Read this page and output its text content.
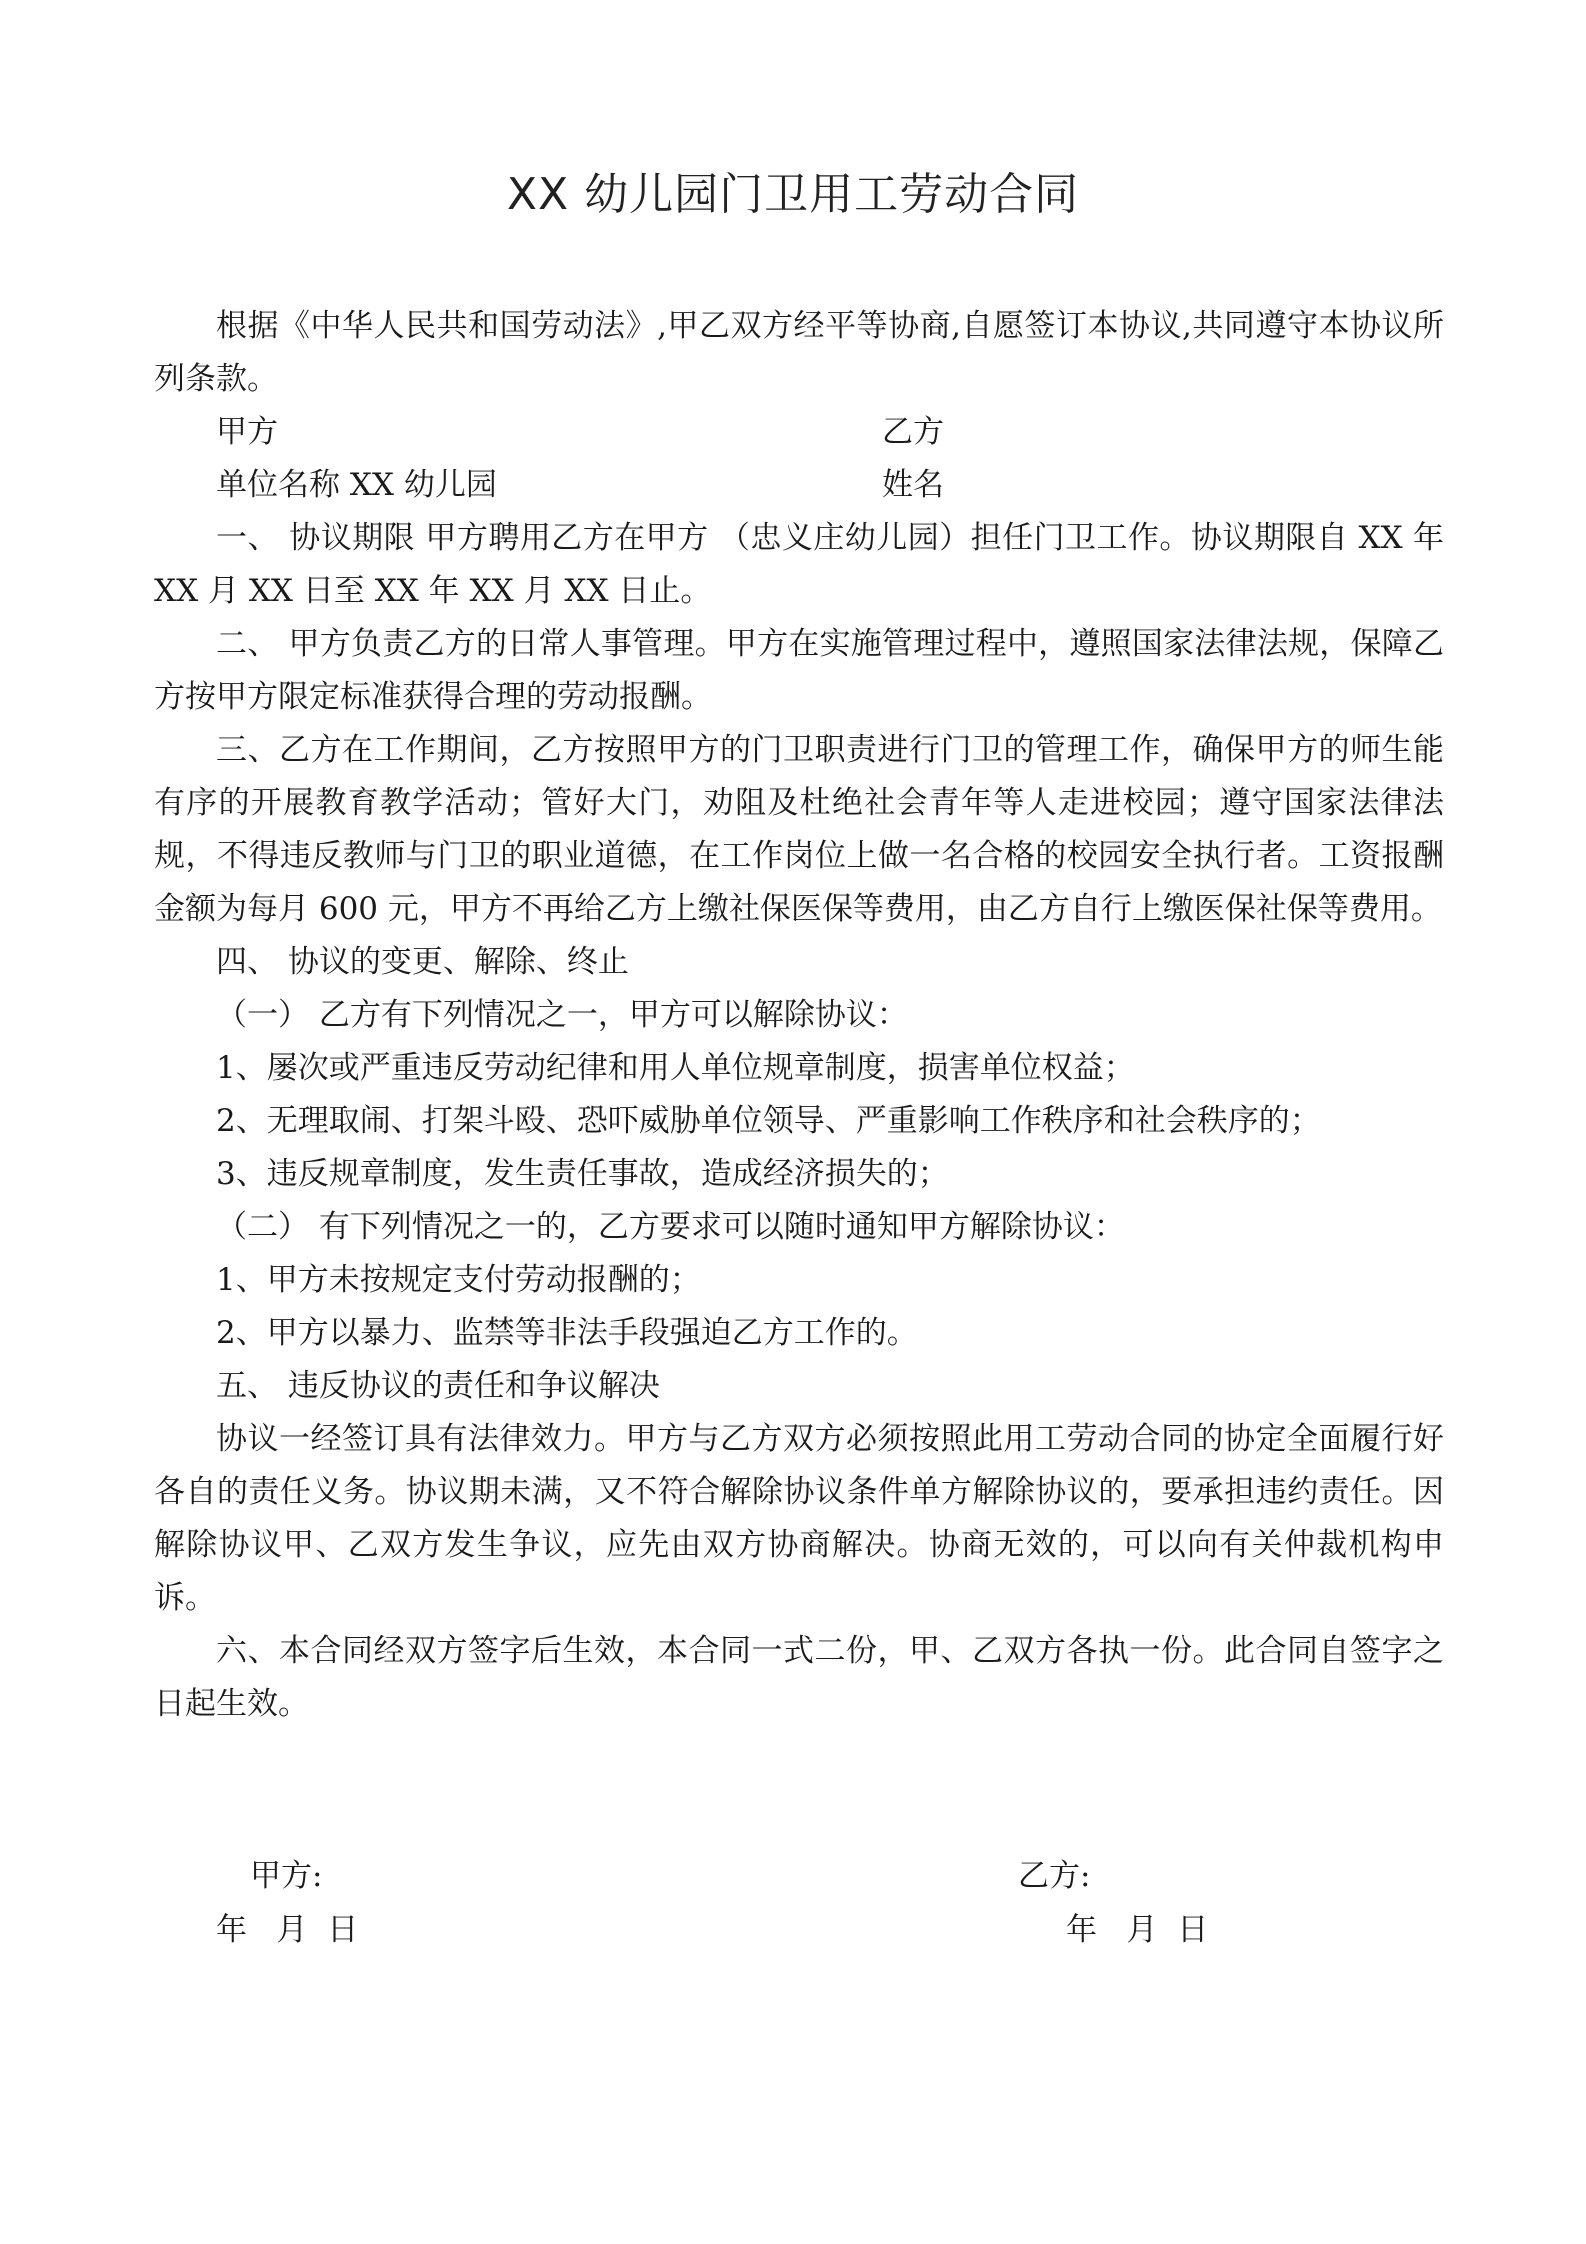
XX 幼儿园门卫用工劳动合同

根据《中华人民共和国劳动法》,甲乙双方经平等协商,自愿签订本协议,共同遵守本协议所列条款。

甲方	乙方
单位名称 XX 幼儿园	姓名

一、 协议期限 甲方聘用乙方在甲方 （忠义庄幼儿园）担任门卫工作。协议期限自 XX 年 XX 月 XX 日至 XX 年 XX 月 XX 日止。

二、 甲方负责乙方的日常人事管理。甲方在实施管理过程中，遵照国家法律法规，保障乙方按甲方限定标准获得合理的劳动报酬。

三、乙方在工作期间，乙方按照甲方的门卫职责进行门卫的管理工作，确保甲方的师生能有序的开展教育教学活动；管好大门，劝阻及杜绝社会青年等人走进校园；遵守国家法律法规，不得违反教师与门卫的职业道德，在工作岗位上做一名合格的校园安全执行者。工资报酬金额为每月 600 元，甲方不再给乙方上缴社保医保等费用，由乙方自行上缴医保社保等费用。

四、 协议的变更、解除、终止

（一） 乙方有下列情况之一，甲方可以解除协议：

1、屡次或严重违反劳动纪律和用人单位规章制度，损害单位权益；

2、无理取闹、打架斗殴、恐吓威胁单位领导、严重影响工作秩序和社会秩序的；

3、违反规章制度，发生责任事故，造成经济损失的；

（二） 有下列情况之一的，乙方要求可以随时通知甲方解除协议：

1、甲方未按规定支付劳动报酬的；

2、甲方以暴力、监禁等非法手段强迫乙方工作的。

五、 违反协议的责任和争议解决

协议一经签订具有法律效力。甲方与乙方双方必须按照此用工劳动合同的协定全面履行好各自的责任义务。协议期未满，又不符合解除协议条件单方解除协议的，要承担违约责任。因解除协议甲、乙双方发生争议，应先由双方协商解决。协商无效的，可以向有关仲裁机构申诉。

六、本合同经双方签字后生效，本合同一式二份，甲、乙双方各执一份。此合同自签字之日起生效。

甲方:	乙方:
年   月  日	年   月  日
